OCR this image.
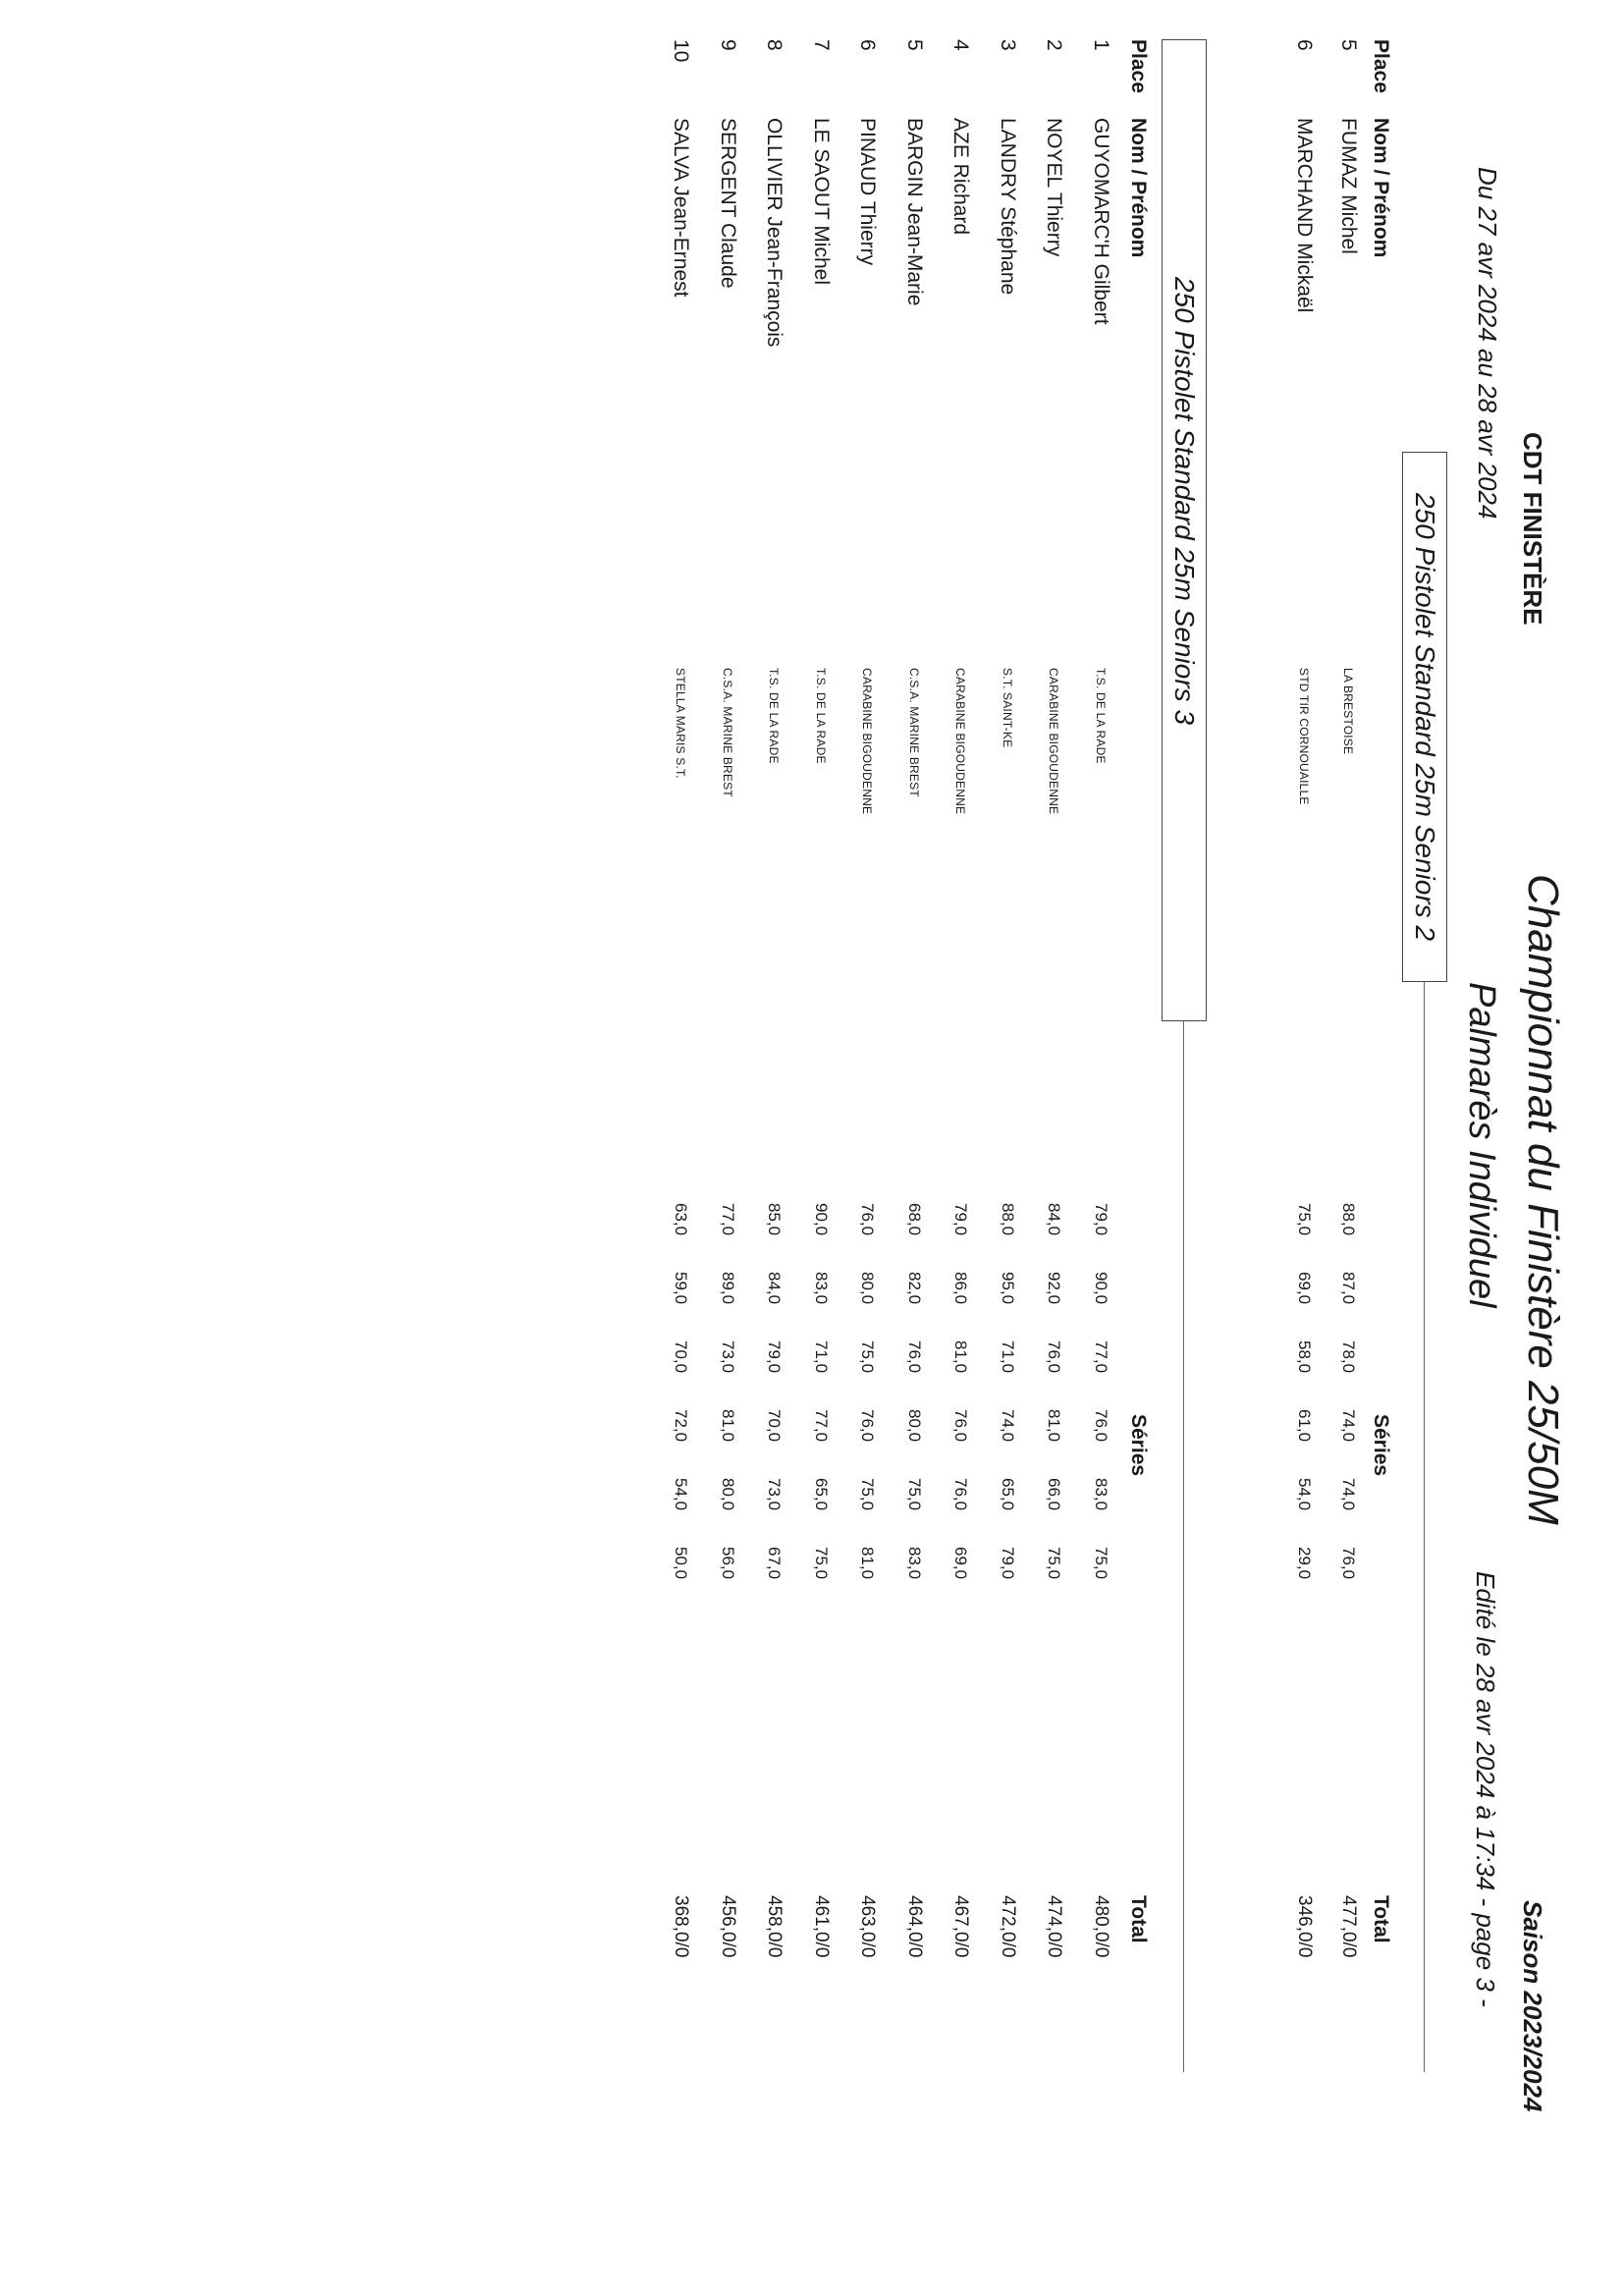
CDT FINISTÈRE
Championnat du Finistère 25/50M
Saison 2023/2024
Du 27 avr 2024 au 28 avr 2024
Palmarès Individuel
Edité le 28 avr 2024 à 17:34 - page 3 -
250 Pistolet Standard 25m Seniors 2
Place
Nom / Prénom
Séries
Total
5
FUMAZ Michel
LA BRESTOISE
88,0
87,0
78,0
74,0
74,0
76,0
477,0/0
6
MARCHAND Mickaël
STD TIR CORNOUAILLE
75,0
69,0
58,0
61,0
54,0
29,0
346,0/0
250 Pistolet Standard 25m Seniors 3
Place
Nom / Prénom
Séries
Total
1
GUYOMARC'H Gilbert
T.S. DE LA RADE
79,0
90,0
77,0
76,0
83,0
75,0
480,0/0
2
NOYEL Thierry
CARABINE BIGOUDENNE
84,0
92,0
76,0
81,0
66,0
75,0
474,0/0
3
LANDRY Stéphane
S.T. SAINT-KE
88,0
95,0
71,0
74,0
65,0
79,0
472,0/0
4
AZE Richard
CARABINE BIGOUDENNE
79,0
86,0
81,0
76,0
76,0
69,0
467,0/0
5
BARGIN Jean-Marie
C.S.A. MARINE BREST
68,0
82,0
76,0
80,0
75,0
83,0
464,0/0
6
PINAUD Thierry
CARABINE BIGOUDENNE
76,0
80,0
75,0
76,0
75,0
81,0
463,0/0
7
LE SAOUT Michel
T.S. DE LA RADE
90,0
83,0
71,0
77,0
65,0
75,0
461,0/0
8
OLLIVIER Jean-François
T.S. DE LA RADE
85,0
84,0
79,0
70,0
73,0
67,0
458,0/0
9
SERGENT Claude
C.S.A. MARINE BREST
77,0
89,0
73,0
81,0
80,0
56,0
456,0/0
10
SALVA Jean-Ernest
STELLA MARIS S.T.
63,0
59,0
70,0
72,0
54,0
50,0
368,0/0
